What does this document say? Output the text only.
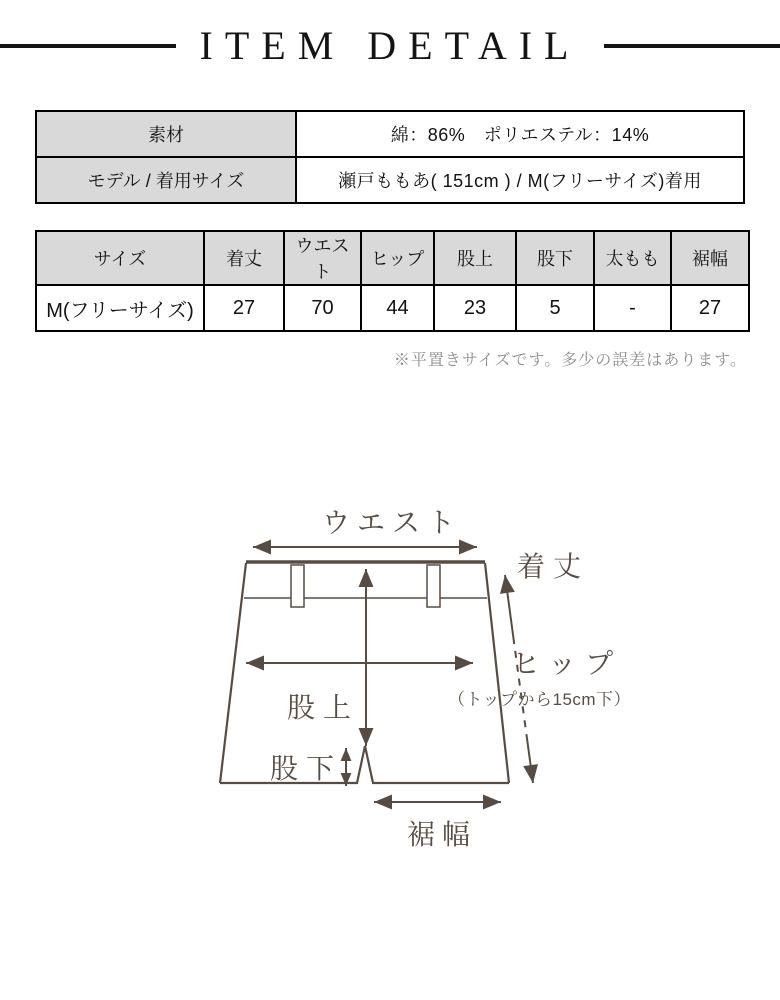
ITEM DETAIL
素材	綿：86%　ポリエステル：14%
モデル / 着用サイズ	瀬戸ももあ( 151cm ) / M(フリーサイズ)着用
サイズ	着丈	ウエスト	ヒップ	股上	股下	太もも	裾幅
M(フリーサイズ)	27	70	44	23	5	-	27
※平置きサイズです。多少の誤差はあります。
ウエスト
着丈
ヒップ
（トップから15cm下）
股上
股下
裾幅
